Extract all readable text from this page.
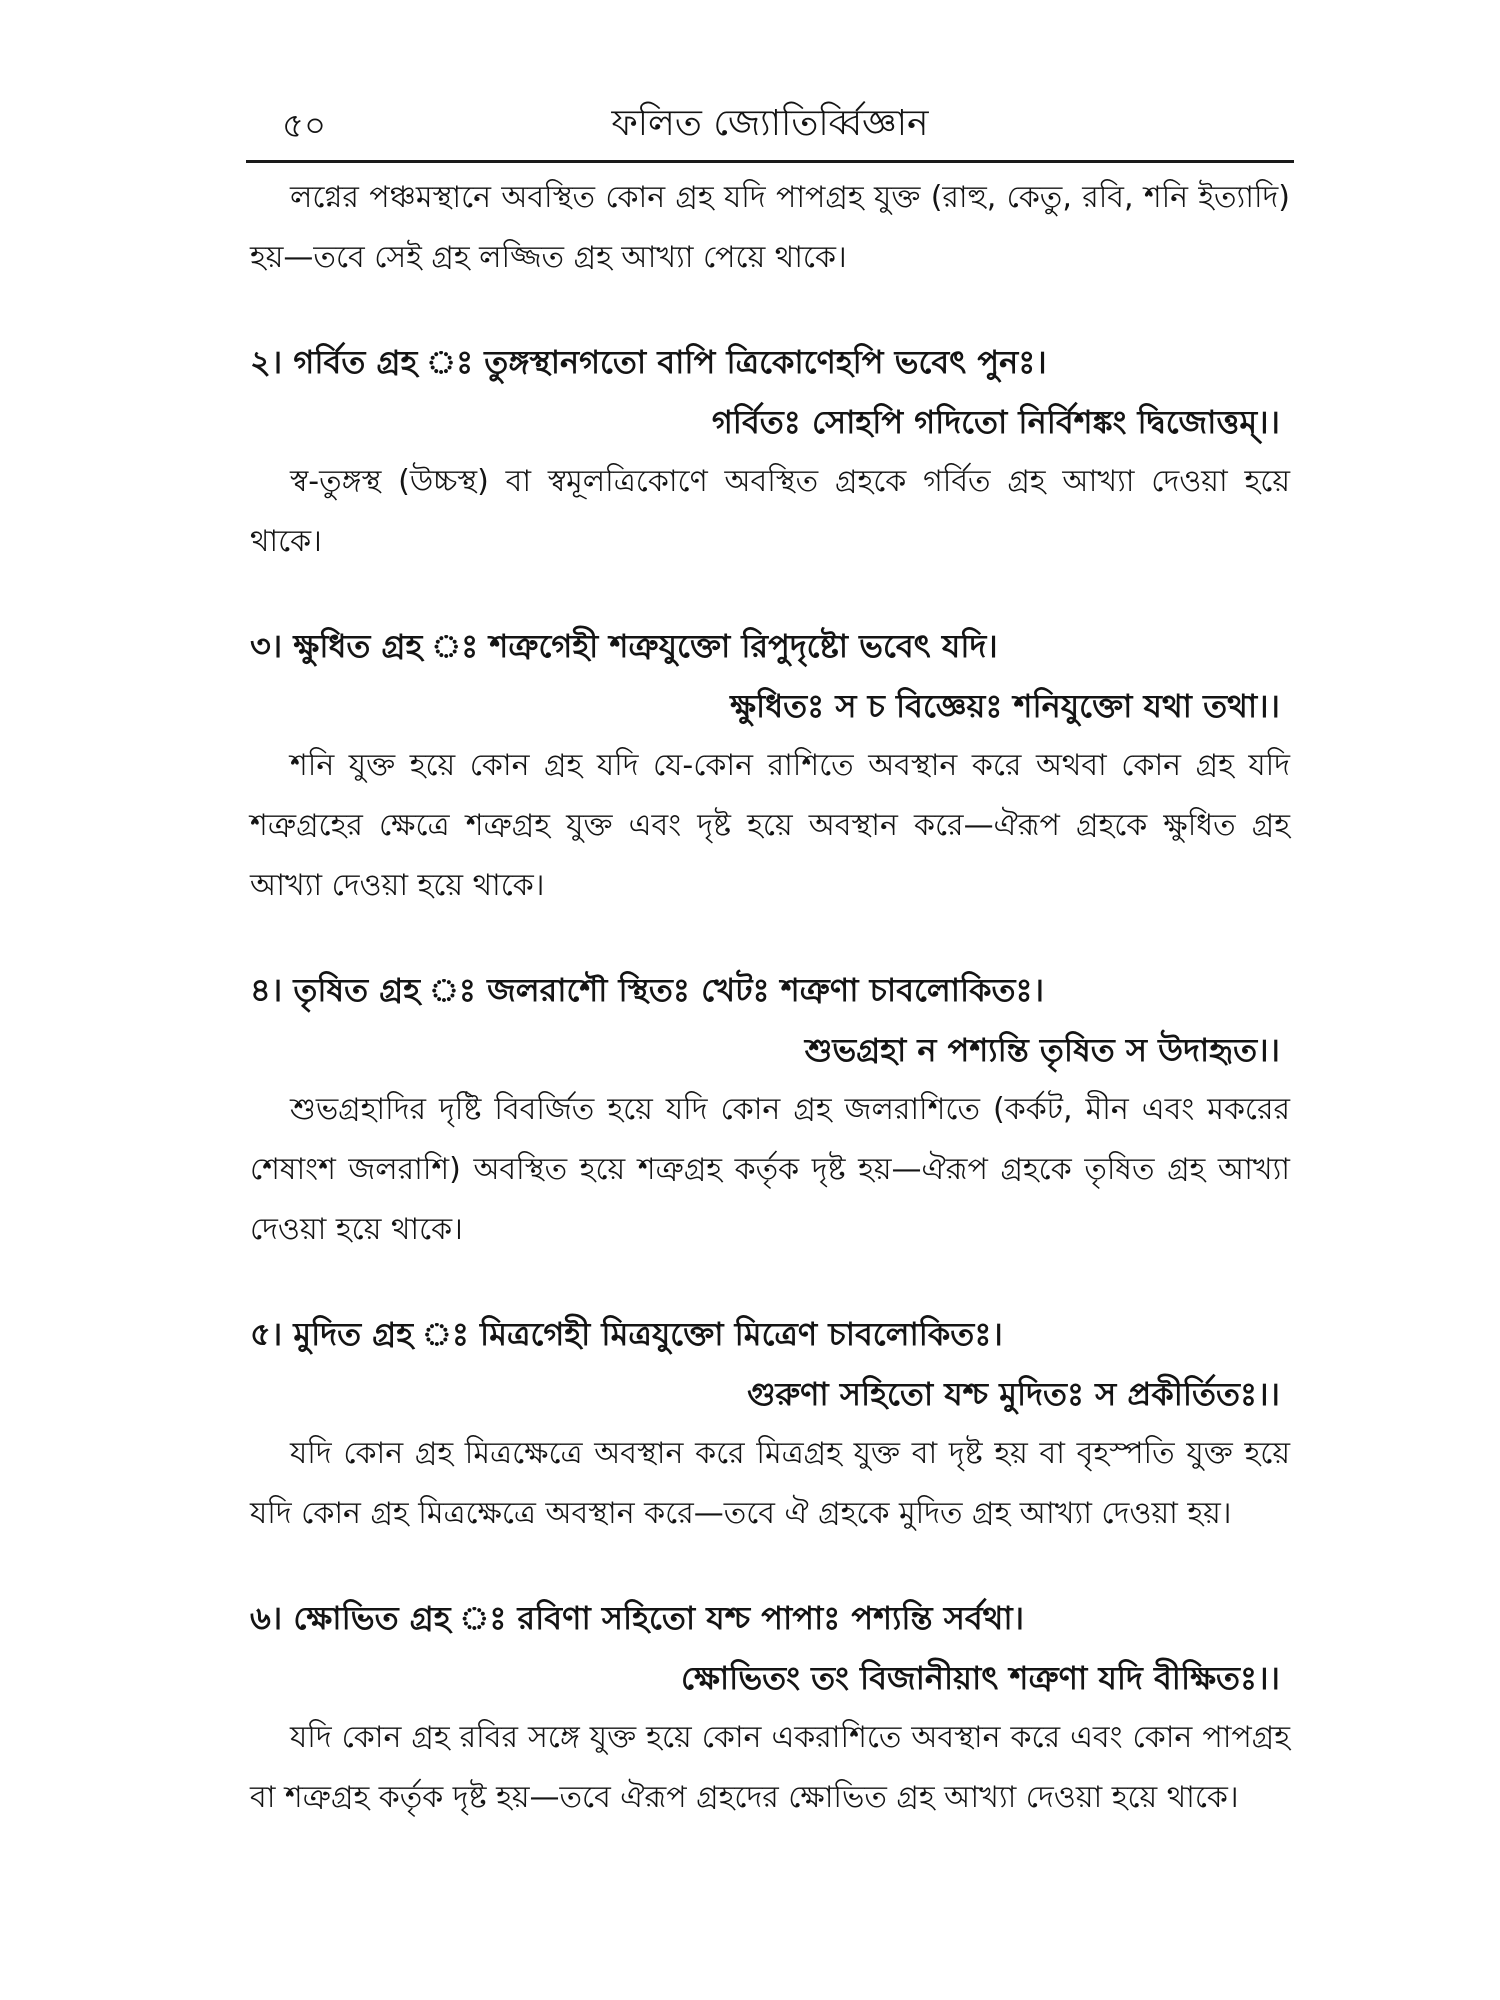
৫০	ফলিত জ্যোতির্ব্বিজ্ঞান

লগ্নের পঞ্চমস্থানে অবস্থিত কোন গ্রহ যদি পাপগ্রহ যুক্ত (রাহু, কেতু, রবি, শনি ইত্যাদি) হয়—তবে সেই গ্রহ লজ্জিত গ্রহ আখ্যা পেয়ে থাকে।

২। গর্বিত গ্রহ ঃ তুঙ্গস্থানগতো বাপি ত্রিকোণেহপি ভবেৎ পুনঃ।
গর্বিতঃ সোহপি গদিতো নির্বিশঙ্কং দ্বিজোত্তম্।।

স্ব-তুঙ্গস্থ (উচ্চস্থ) বা স্বমূলত্রিকোণে অবস্থিত গ্রহকে গর্বিত গ্রহ আখ্যা দেওয়া হয়ে থাকে।

৩। ক্ষুধিত গ্রহ ঃ শত্রুগেহী শত্রুযুক্তো রিপুদৃষ্টো ভবেৎ যদি।
ক্ষুধিতঃ স চ বিজ্ঞেয়ঃ শনিযুক্তো যথা তথা।।

শনি যুক্ত হয়ে কোন গ্রহ যদি যে-কোন রাশিতে অবস্থান করে অথবা কোন গ্রহ যদি শত্রুগ্রহের ক্ষেত্রে শত্রুগ্রহ যুক্ত এবং দৃষ্ট হয়ে অবস্থান করে—ঐরূপ গ্রহকে ক্ষুধিত গ্রহ আখ্যা দেওয়া হয়ে থাকে।

৪। তৃষিত গ্রহ ঃ জলরাশৌ স্থিতঃ খেটঃ শত্রুণা চাবলোকিতঃ।
শুভগ্রহা ন পশ্যন্তি তৃষিত স উদাহৃত।।

শুভগ্রহাদির দৃষ্টি বিবর্জিত হয়ে যদি কোন গ্রহ জলরাশিতে (কর্কট, মীন এবং মকরের শেষাংশ জলরাশি) অবস্থিত হয়ে শত্রুগ্রহ কর্তৃক দৃষ্ট হয়—ঐরূপ গ্রহকে তৃষিত গ্রহ আখ্যা দেওয়া হয়ে থাকে।

৫। মুদিত গ্রহ ঃ মিত্রগেহী মিত্রযুক্তো মিত্রেণ চাবলোকিতঃ।
গুরুণা সহিতো যশ্চ মুদিতঃ স প্রকীর্তিতঃ।।

যদি কোন গ্রহ মিত্রক্ষেত্রে অবস্থান করে মিত্রগ্রহ যুক্ত বা দৃষ্ট হয় বা বৃহস্পতি যুক্ত হয়ে যদি কোন গ্রহ মিত্রক্ষেত্রে অবস্থান করে—তবে ঐ গ্রহকে মুদিত গ্রহ আখ্যা দেওয়া হয়।

৬। ক্ষোভিত গ্রহ ঃ রবিণা সহিতো যশ্চ পাপাঃ পশ্যন্তি সর্বথা।
ক্ষোভিতং তং বিজানীয়াৎ শত্রুণা যদি বীক্ষিতঃ।।

যদি কোন গ্রহ রবির সঙ্গে যুক্ত হয়ে কোন একরাশিতে অবস্থান করে এবং কোন পাপগ্রহ বা শত্রুগ্রহ কর্তৃক দৃষ্ট হয়—তবে ঐরূপ গ্রহদের ক্ষোভিত গ্রহ আখ্যা দেওয়া হয়ে থাকে।
